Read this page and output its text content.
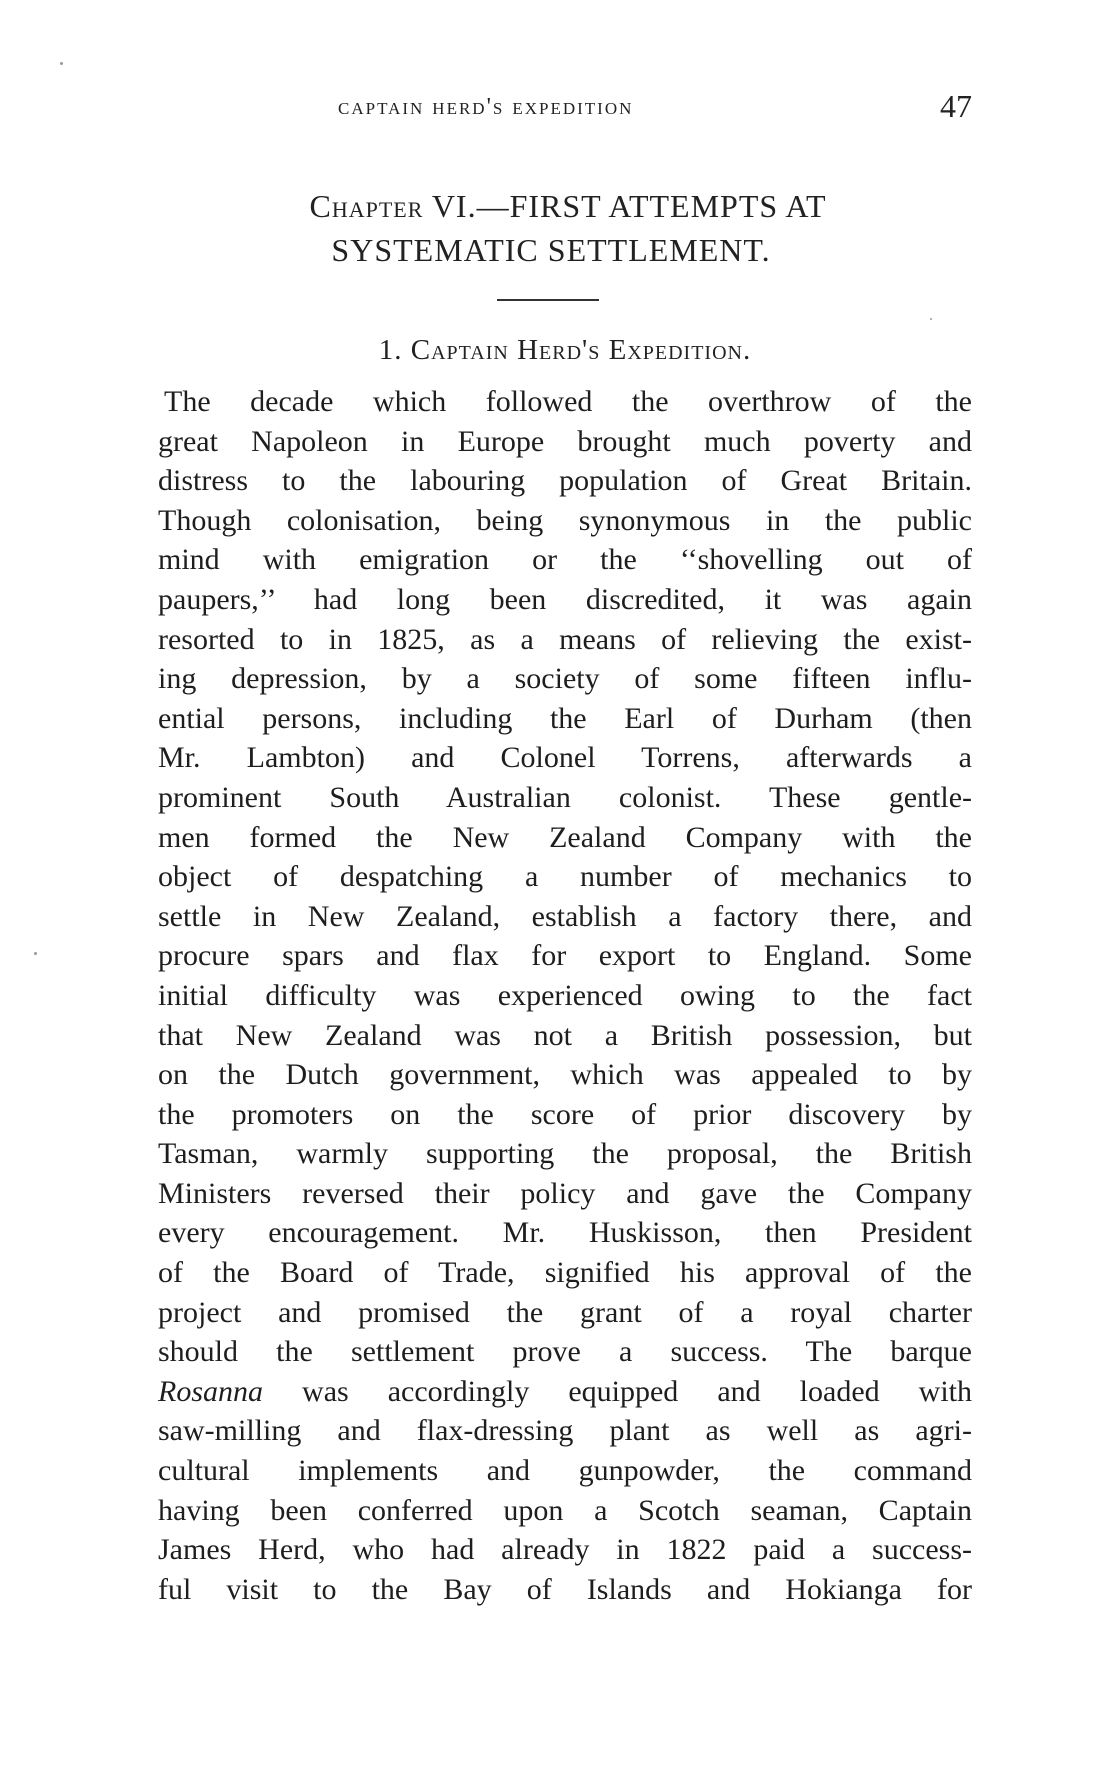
captain herd's expedition	47
Chapter VI.—FIRST ATTEMPTS AT
SYSTEMATIC SETTLEMENT.
1. Captain Herd's Expedition.
The decade which followed the overthrow of the
great Napoleon in Europe brought much poverty and
distress to the labouring population of Great Britain.
Though colonisation, being synonymous in the public
mind with emigration or the ‘‘shovelling out of
paupers,’’ had long been discredited, it was again
resorted to in 1825, as a means of relieving the exist-
ing depression, by a society of some fifteen influ-
ential persons, including the Earl of Durham (then
Mr. Lambton) and Colonel Torrens, afterwards a
prominent South Australian colonist. These gentle-
men formed the New Zealand Company with the
object of despatching a number of mechanics to
settle in New Zealand, establish a factory there, and
procure spars and flax for export to England. Some
initial difficulty was experienced owing to the fact
that New Zealand was not a British possession, but
on the Dutch government, which was appealed to by
the promoters on the score of prior discovery by
Tasman, warmly supporting the proposal, the British
Ministers reversed their policy and gave the Company
every encouragement. Mr. Huskisson, then President
of the Board of Trade, signified his approval of the
project and promised the grant of a royal charter
should the settlement prove a success. The barque
Rosanna was accordingly equipped and loaded with
saw-milling and flax-dressing plant as well as agri-
cultural implements and gunpowder, the command
having been conferred upon a Scotch seaman, Captain
James Herd, who had already in 1822 paid a success-
ful visit to the Bay of Islands and Hokianga for
